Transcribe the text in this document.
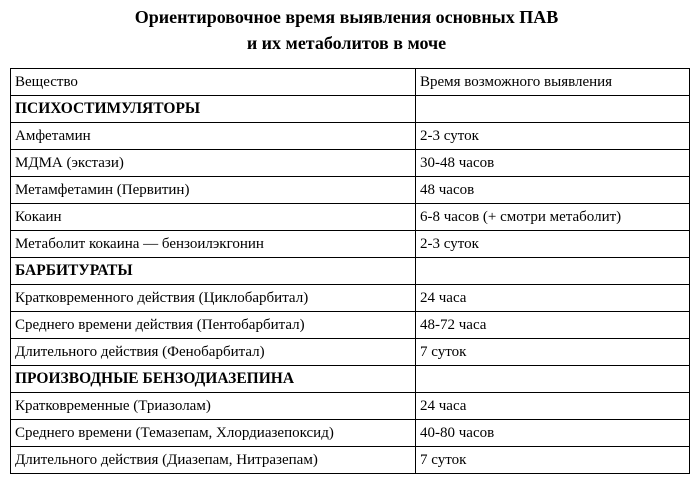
Ориентировочное время выявления основных ПАВ
и их метаболитов в моче
Вещество	Время возможного выявления
ПСИХОСТИМУЛЯТОРЫ	
Амфетамин	2-3 суток
МДМА (экстази)	30-48 часов
Метамфетамин (Первитин)	48 часов
Кокаин	6-8 часов (+ смотри метаболит)
Метаболит кокаина — бензоилэкгонин	2-3 суток
БАРБИТУРАТЫ	
Кратковременного действия (Циклобарбитал)	24 часа
Среднего времени действия (Пентобарбитал)	48-72 часа
Длительного действия (Фенобарбитал)	7 суток
ПРОИЗВОДНЫЕ БЕНЗОДИАЗЕПИНА	
Кратковременные (Триазолам)	24 часа
Среднего времени (Темазепам, Хлордиазепоксид)	40-80 часов
Длительного действия (Диазепам, Нитразепам)	7 суток
